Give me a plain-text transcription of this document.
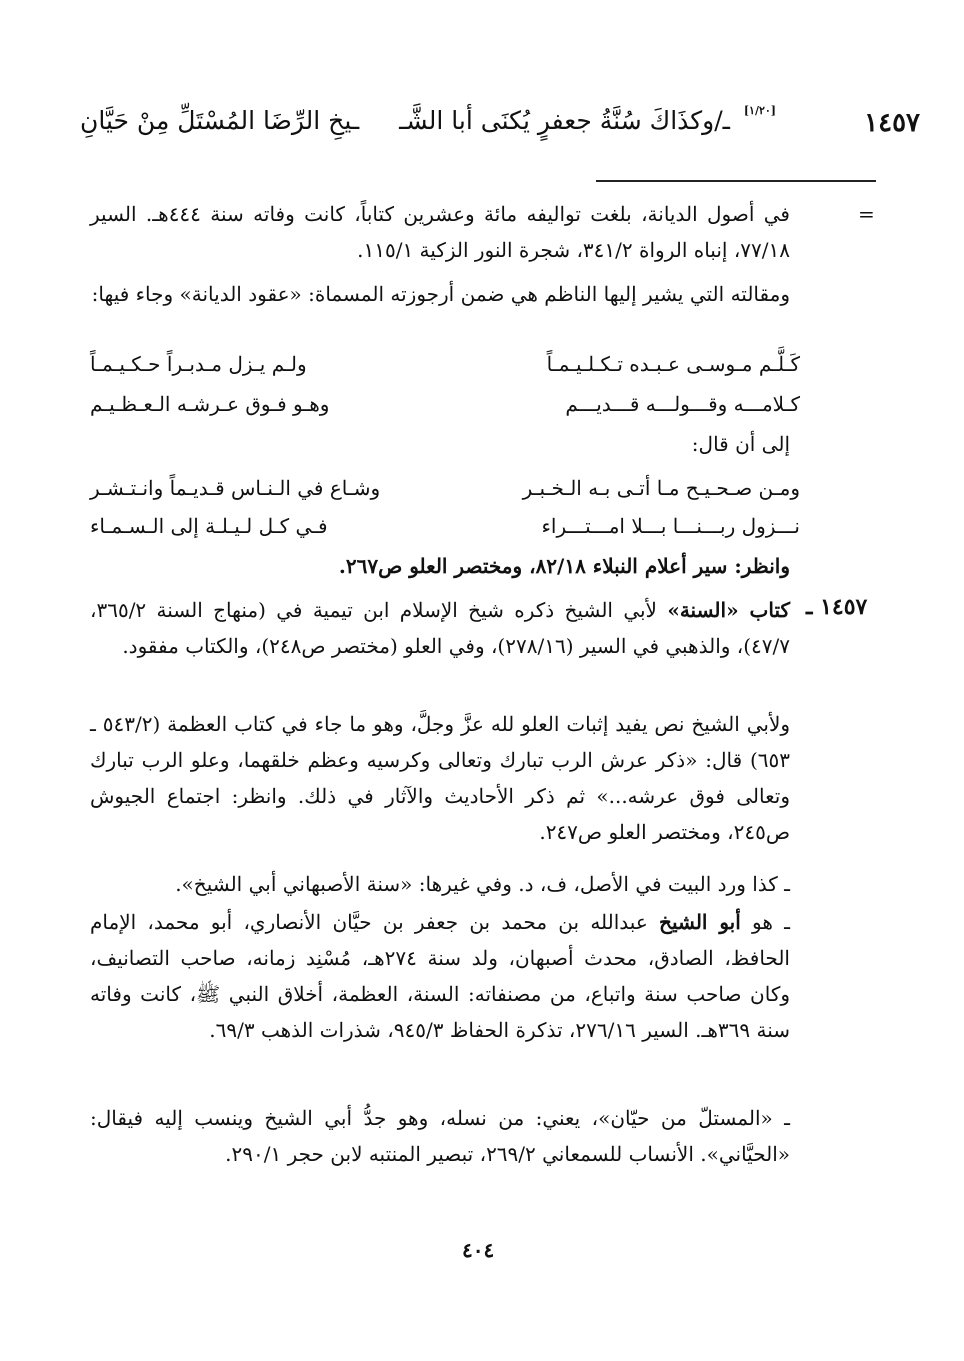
١٤٥٧
[١/٢٠]
ـ/وكذَاكَ سُنَّةُ جعفرٍ يُكنَى أبا الشَّـ
ـيخِ الرِّضَا المُسْتَلِّ مِنْ حَيَّانِ
=
في أصول الديانة، بلغت تواليفه مائة وعشرين كتاباً، كانت وفاته سنة ٤٤٤هـ. السير ٧٧/١٨، إنباه الرواة ٣٤١/٢، شجرة النور الزكية ١١٥/١.
ومقالته التي يشير إليها الناظم هي ضمن أرجوزته المسماة: «عقود الديانة» وجاء فيها:
كَـلَّـم مـوسـى عـبـده تـكـلـيـمـاً
ولـم يـزل مـدبـراً حـكـيـمـاً
كـلامـــه وقـــولـــه قـــديـــم
وهـو فـوق عـرشـه الـعـظـيـم
إلى أن قال:
ومـن صـحـيـح مـا أتـى بـه الـخـبـر
وشـاع في الـنـاس قـديـماً وانـتـشـر
نـــزول ربـــنـــا بـــلا امـــتـــراء
فـي كـل لـيـلـة إلى الـسـمـاء
وانظر: سير أعلام النبلاء ٨٢/١٨، ومختصر العلو ص٢٦٧.
١٤٥٧ ـ
كتاب «السنة» لأبي الشيخ ذكره شيخ الإسلام ابن تيمية في (منهاج السنة ٣٦٥/٢، ٤٧/٧)، والذهبي في السير (٢٧٨/١٦)، وفي العلو (مختصر ص٢٤٨)، والكتاب مفقود.
ولأبي الشيخ نص يفيد إثبات العلو لله عزَّ وجلَّ، وهو ما جاء في كتاب العظمة (٥٤٣/٢ ـ ٦٥٣) قال: «ذكر عرش الرب تبارك وتعالى وكرسيه وعظم خلقهما، وعلو الرب تبارك وتعالى فوق عرشه...» ثم ذكر الأحاديث والآثار في ذلك. وانظر: اجتماع الجيوش ص٢٤٥، ومختصر العلو ص٢٤٧.
ـ كذا ورد البيت في الأصل، ف، د. وفي غيرها: «سنة الأصبهاني أبي الشيخ».
ـ هو أبو الشيخ عبدالله بن محمد بن جعفر بن حيَّان الأنصاري، أبو محمد، الإمام الحافظ، الصادق، محدث أصبهان، ولد سنة ٢٧٤هـ، مُسْنِد زمانه، صاحب التصانيف، وكان صاحب سنة واتباع، من مصنفاته: السنة، العظمة، أخلاق النبي ﷺ، كانت وفاته سنة ٣٦٩هـ. السير ٢٧٦/١٦، تذكرة الحفاظ ٩٤٥/٣، شذرات الذهب ٦٩/٣.
ـ «المستلّ من حيّان»، يعني: من نسله، وهو جدُّ أبي الشيخ وينسب إليه فيقال: «الحيَّاني». الأنساب للسمعاني ٢٦٩/٢، تبصير المنتبه لابن حجر ٢٩٠/١.
٤٠٤
